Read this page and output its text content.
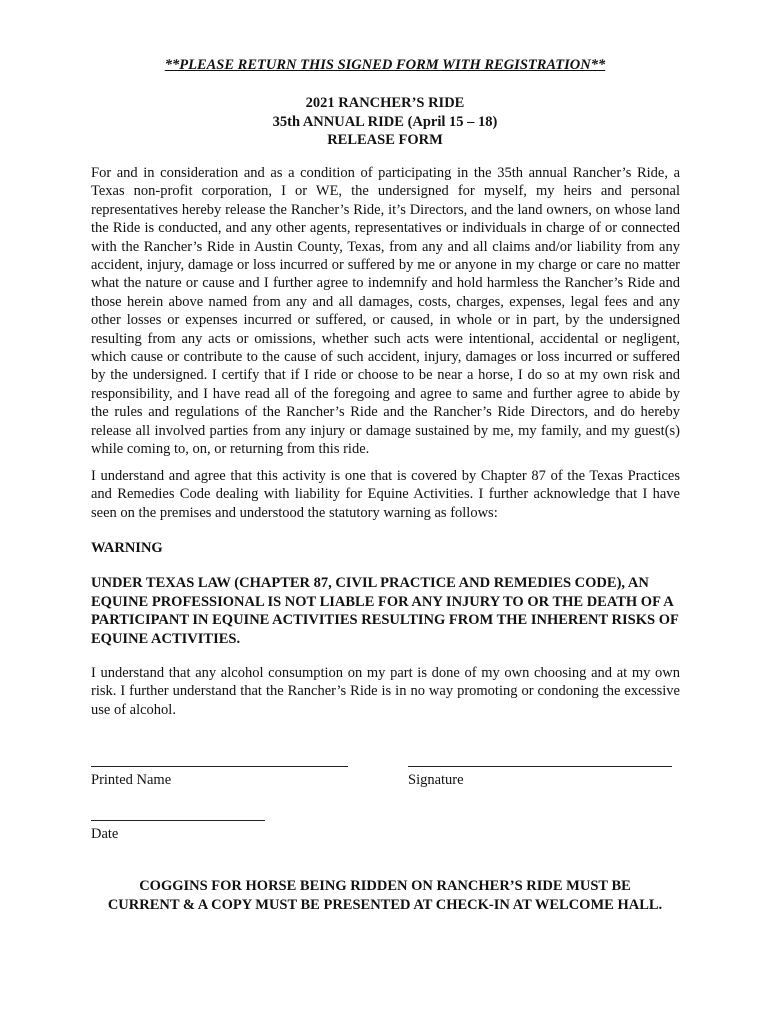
**PLEASE RETURN THIS SIGNED FORM WITH REGISTRATION**
2021 RANCHER’S RIDE
35th ANNUAL RIDE (April 15 – 18)
RELEASE FORM
For and in consideration and as a condition of participating in the 35th annual Rancher’s Ride, a Texas non-profit corporation, I or WE, the undersigned for myself, my heirs and personal representatives hereby release the Rancher’s Ride, it’s Directors, and the land owners, on whose land the Ride is conducted, and any other agents, representatives or individuals in charge of or connected with the Rancher’s Ride in Austin County, Texas, from any and all claims and/or liability from any accident, injury, damage or loss incurred or suffered by me or anyone in my charge or care no matter what the nature or cause and I further agree to indemnify and hold harmless the Rancher’s Ride and those herein above named from any and all damages, costs, charges, expenses, legal fees and any other losses or expenses incurred or suffered, or caused, in whole or in part, by the undersigned resulting from any acts or omissions, whether such acts were intentional, accidental or negligent, which cause or contribute to the cause of such accident, injury, damages or loss incurred or suffered by the undersigned. I certify that if I ride or choose to be near a horse, I do so at my own risk and responsibility, and I have read all of the foregoing and agree to same and further agree to abide by the rules and regulations of the Rancher’s Ride and the Rancher’s Ride Directors, and do hereby release all involved parties from any injury or damage sustained by me, my family, and my guest(s) while coming to, on, or returning from this ride.
I understand and agree that this activity is one that is covered by Chapter 87 of the Texas Practices and Remedies Code dealing with liability for Equine Activities. I further acknowledge that I have seen on the premises and understood the statutory warning as follows:
WARNING
UNDER TEXAS LAW (CHAPTER 87, CIVIL PRACTICE AND REMEDIES CODE), AN EQUINE PROFESSIONAL IS NOT LIABLE FOR ANY INJURY TO OR THE DEATH OF A PARTICIPANT IN EQUINE ACTIVITIES RESULTING FROM THE INHERENT RISKS OF EQUINE ACTIVITIES.
I understand that any alcohol consumption on my part is done of my own choosing and at my own risk. I further understand that the Rancher’s Ride is in no way promoting or condoning the excessive use of alcohol.
Printed Name	Signature
Date
COGGINS FOR HORSE BEING RIDDEN ON RANCHER’S RIDE MUST BE
CURRENT & A COPY MUST BE PRESENTED AT CHECK-IN AT WELCOME HALL.
